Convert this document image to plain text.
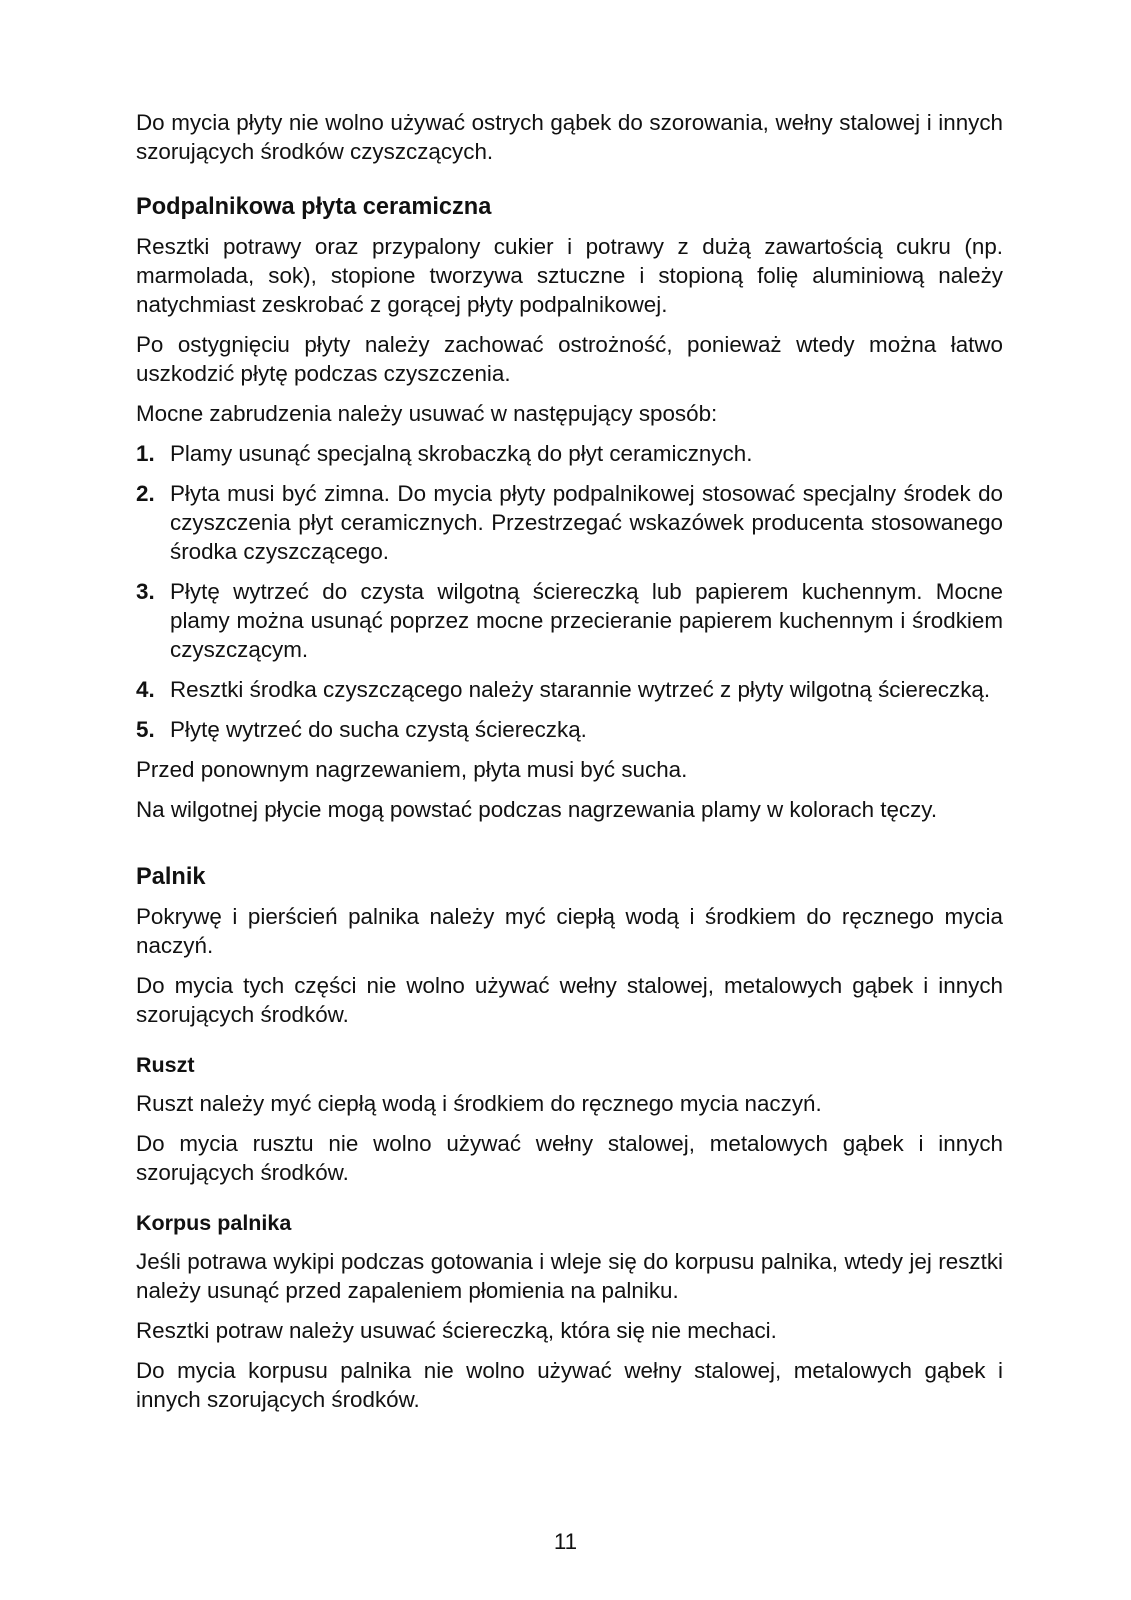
Do mycia płyty nie wolno używać ostrych gąbek do szorowania, wełny stalowej i innych szorujących środków czyszczących.

Podpalnikowa płyta ceramiczna

Resztki potrawy oraz przypalony cukier i potrawy z dużą zawartością cukru (np. marmolada, sok), stopione tworzywa sztuczne i stopioną folię aluminiową należy natychmiast zeskrobać z gorącej płyty podpalnikowej.

Po ostygnięciu płyty należy zachować ostrożność, ponieważ wtedy można łatwo uszkodzić płytę podczas czyszczenia.

Mocne zabrudzenia należy usuwać w następujący sposób:

1. Plamy usunąć specjalną skrobaczką do płyt ceramicznych.
2. Płyta musi być zimna. Do mycia płyty podpalnikowej stosować specjalny środek do czyszczenia płyt ceramicznych. Przestrzegać wskazówek producenta stosowanego środka czyszczącego.
3. Płytę wytrzeć do czysta wilgotną ściereczką lub papierem kuchennym. Mocne plamy można usunąć poprzez mocne przecieranie papierem kuchennym i środkiem czyszczącym.
4. Resztki środka czyszczącego należy starannie wytrzeć z płyty wilgotną ściereczką.
5. Płytę wytrzeć do sucha czystą ściereczką.

Przed ponownym nagrzewaniem, płyta musi być sucha.

Na wilgotnej płycie mogą powstać podczas nagrzewania plamy w kolorach tęczy.

Palnik

Pokrywę i pierścień palnika należy myć ciepłą wodą i środkiem do ręcznego mycia naczyń.

Do mycia tych części nie wolno używać wełny stalowej, metalowych gąbek i innych szorujących środków.

Ruszt

Ruszt należy myć ciepłą wodą i środkiem do ręcznego mycia naczyń.

Do mycia rusztu nie wolno używać wełny stalowej, metalowych gąbek i innych szorujących środków.

Korpus palnika

Jeśli potrawa wykipi podczas gotowania i wleje się do korpusu palnika, wtedy jej resztki należy usunąć przed zapaleniem płomienia na palniku.

Resztki potraw należy usuwać ściereczką, która się nie mechaci.

Do mycia korpusu palnika nie wolno używać wełny stalowej, metalowych gąbek i innych szorujących środków.

11
